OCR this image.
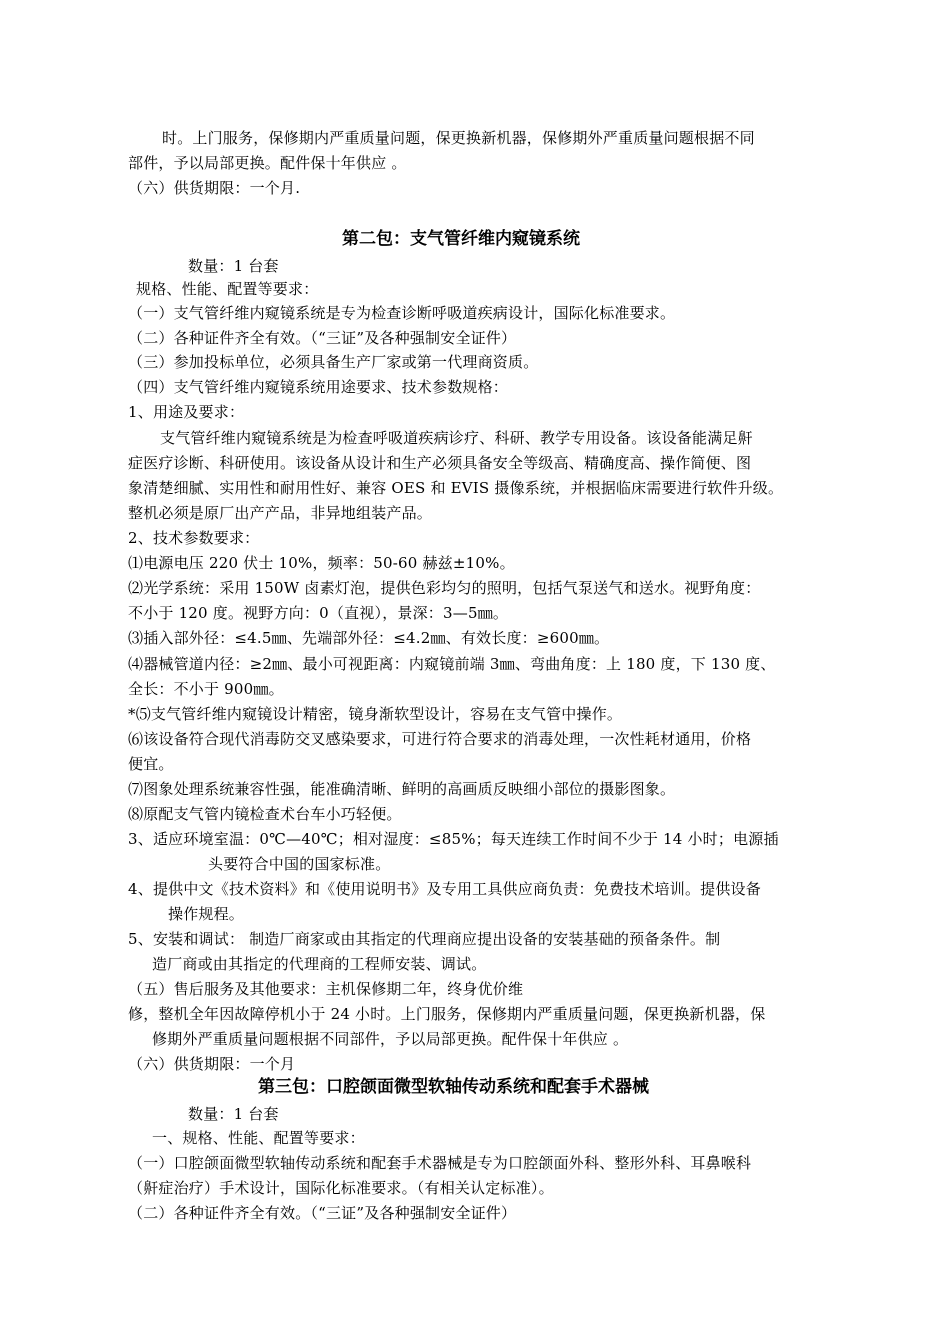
时。上门服务，保修期内严重质量问题，保更换新机器，保修期外严重质量问题根据不同
部件，予以局部更换。配件保十年供应 。
（六）供货期限：一个月.
第二包：支气管纤维内窥镜系统
数量：1 台套
规格、性能、配置等要求：
（一）支气管纤维内窥镜系统是专为检查诊断呼吸道疾病设计，国际化标准要求。
（二）各种证件齐全有效。（“三证”及各种强制安全证件）
（三）参加投标单位，必须具备生产厂家或第一代理商资质。
（四）支气管纤维内窥镜系统用途要求、技术参数规格：
1、用途及要求：
支气管纤维内窥镜系统是为检查呼吸道疾病诊疗、科研、教学专用设备。该设备能满足鼾
症医疗诊断、科研使用。该设备从设计和生产必须具备安全等级高、精确度高、操作简便、图
象清楚细腻、实用性和耐用性好、兼容 OES 和 EVIS 摄像系统，并根据临床需要进行软件升级。
整机必须是原厂出产产品，非异地组装产品。
2、技术参数要求：
⑴电源电压 220 伏士 10%，频率：50-60 赫兹±10%。
⑵光学系统：采用 150W 卤素灯泡，提供色彩均匀的照明，包括气泵送气和送水。视野角度：
不小于 120 度。视野方向：0（直视），景深：3—5㎜。
⑶插入部外径：≤4.5㎜、先端部外径：≤4.2㎜、有效长度：≥600㎜。
⑷器械管道内径：≥2㎜、最小可视距离：内窥镜前端 3㎜、弯曲角度：上 180 度，下 130 度、
全长：不小于 900㎜。
*⑸支气管纤维内窥镜设计精密，镜身渐软型设计，容易在支气管中操作。
⑹该设备符合现代消毒防交叉感染要求，可进行符合要求的消毒处理，一次性耗材通用，价格
便宜。
⑺图象处理系统兼容性强，能准确清晰、鲜明的高画质反映细小部位的摄影图象。
⑻原配支气管内镜检查术台车小巧轻便。
3、适应环境室温：0℃—40℃；相对湿度：≤85%；每天连续工作时间不少于 14 小时；电源插
头要符合中国的国家标准。
4、提供中文《技术资料》和《使用说明书》及专用工具供应商负责：免费技术培训。提供设备
操作规程。
5、安装和调试： 制造厂商家或由其指定的代理商应提出设备的安装基础的预备条件。制
造厂商或由其指定的代理商的工程师安装、调试。
（五）售后服务及其他要求：主机保修期二年，终身优价维
修，整机全年因故障停机小于 24 小时。上门服务，保修期内严重质量问题，保更换新机器，保
修期外严重质量问题根据不同部件，予以局部更换。配件保十年供应 。
（六）供货期限：一个月
第三包：口腔颌面微型软轴传动系统和配套手术器械
数量：1 台套
一、规格、性能、配置等要求：
（一）口腔颌面微型软轴传动系统和配套手术器械是专为口腔颌面外科、整形外科、耳鼻喉科
（鼾症治疗）手术设计，国际化标准要求。（有相关认定标准）。
（二）各种证件齐全有效。（“三证”及各种强制安全证件）
